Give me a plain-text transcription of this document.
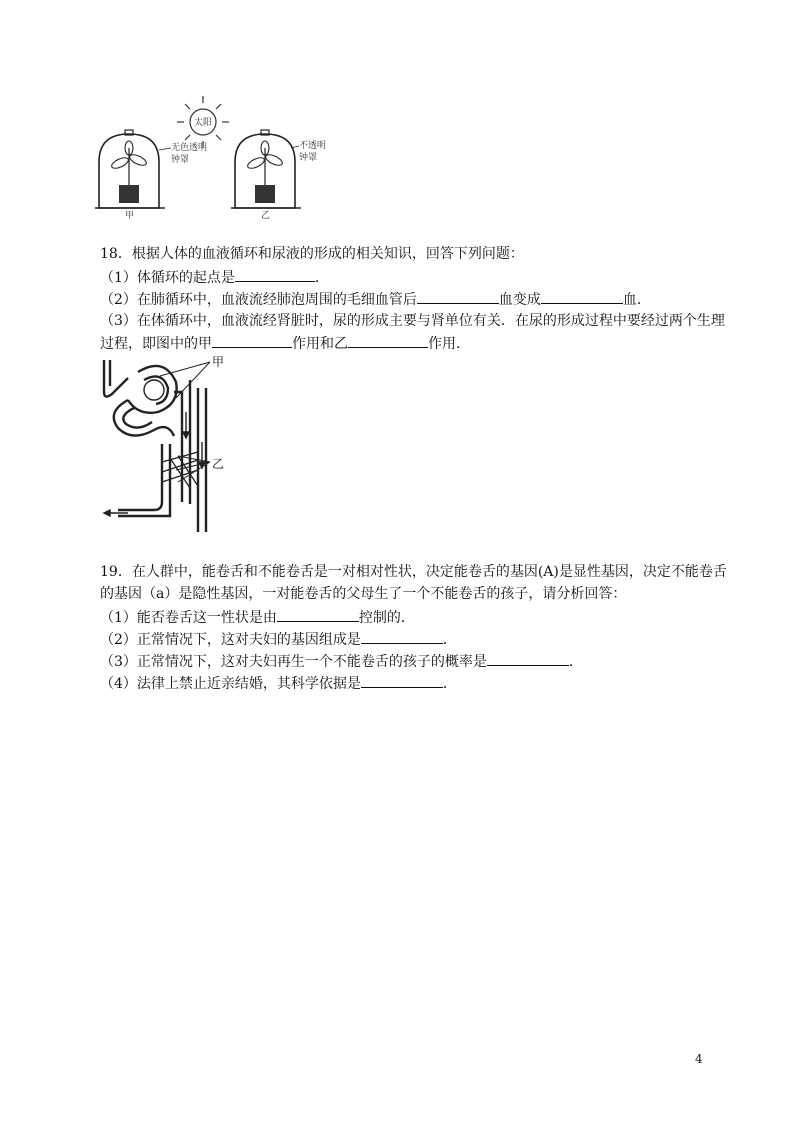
太阳
无色透明
钟罩
甲
不透明
钟罩
乙
18．根据人体的血液循环和尿液的形成的相关知识，回答下列问题：
（1）体循环的起点是	．
（2）在肺循环中，血液流经肺泡周围的毛细血管后	血变成	血．
（3）在体循环中，血液流经肾脏时，尿的形成主要与肾单位有关．在尿的形成过程中要经过两个生理
过程，即图中的甲	作用和乙	作用．
甲
乙
19．在人群中，能卷舌和不能卷舌是一对相对性状，决定能卷舌的基因(A)是显性基因，决定不能卷舌
的基因（a）是隐性基因，一对能卷舌的父母生了一个不能卷舌的孩子，请分析回答：
（1）能否卷舌这一性状是由	控制的．
（2）正常情况下，这对夫妇的基因组成是	．
（3）正常情况下，这对夫妇再生一个不能卷舌的孩子的概率是	．
（4）法律上禁止近亲结婚，其科学依据是	．
4
